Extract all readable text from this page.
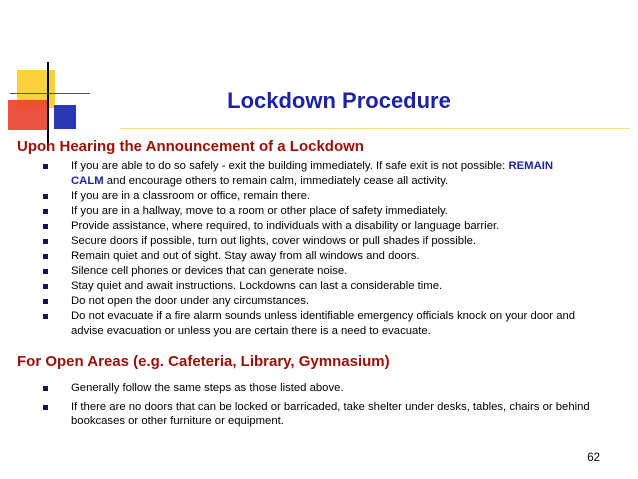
Lockdown Procedure
Upon Hearing the Announcement of a Lockdown
If you are able to do so safely - exit the building immediately. If safe exit is not possible: REMAIN
CALM and encourage others to remain calm, immediately cease all activity.
If you are in a classroom or office, remain there.
If you are in a hallway, move to a room or other place of safety immediately.
Provide assistance, where required, to individuals with a disability or language barrier.
Secure doors if possible, turn out lights, cover windows or pull shades if possible.
Remain quiet and out of sight. Stay away from all windows and doors.
Silence cell phones or devices that can generate noise.
Stay quiet and await instructions. Lockdowns can last a considerable time.
Do not open the door under any circumstances.
Do not evacuate if a fire alarm sounds unless identifiable emergency officials knock on your door and advise evacuation or unless you are certain there is a need to evacuate.
For Open Areas (e.g. Cafeteria, Library, Gymnasium)
Generally follow the same steps as those listed above.
If there are no doors that can be locked or barricaded, take shelter under desks, tables, chairs or behind bookcases or other furniture or equipment.
62
